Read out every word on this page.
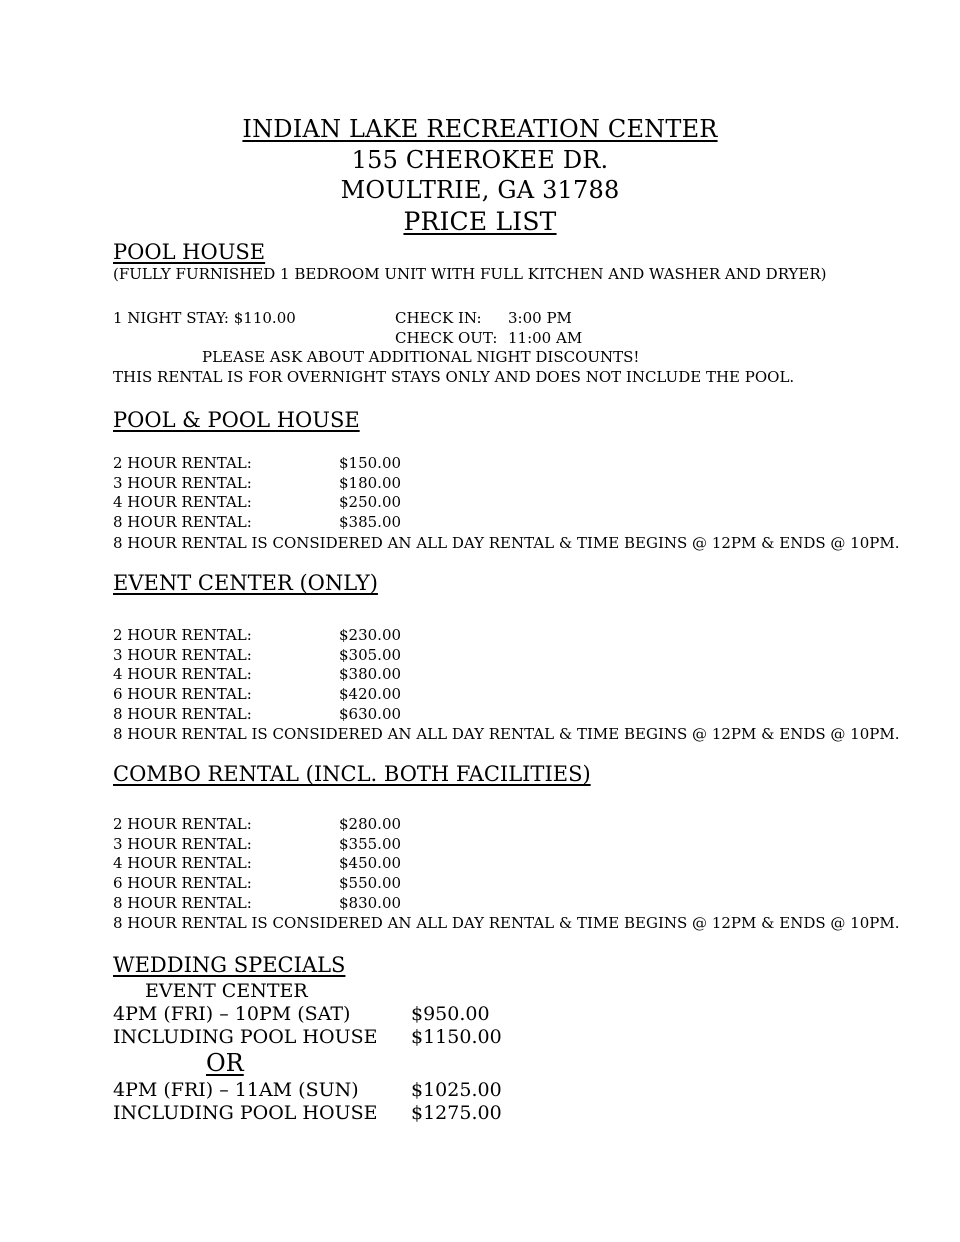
INDIAN LAKE RECREATION CENTER
155 CHEROKEE DR.
MOULTRIE, GA 31788
PRICE LIST
POOL HOUSE
(FULLY FURNISHED 1 BEDROOM UNIT WITH FULL KITCHEN AND WASHER AND DRYER)
1 NIGHT STAY: $110.00	CHECK IN: 3:00 PM
CHECK OUT: 11:00 AM
PLEASE ASK ABOUT ADDITIONAL NIGHT DISCOUNTS!
THIS RENTAL IS FOR OVERNIGHT STAYS ONLY AND DOES NOT INCLUDE THE POOL.
POOL & POOL HOUSE
2 HOUR RENTAL:	$150.00
3 HOUR RENTAL:	$180.00
4 HOUR RENTAL:	$250.00
8 HOUR RENTAL:	$385.00
8 HOUR RENTAL IS CONSIDERED AN ALL DAY RENTAL & TIME BEGINS @ 12PM & ENDS @ 10PM.
EVENT CENTER (ONLY)
2 HOUR RENTAL:	$230.00
3 HOUR RENTAL:	$305.00
4 HOUR RENTAL:	$380.00
6 HOUR RENTAL:	$420.00
8 HOUR RENTAL:	$630.00
8 HOUR RENTAL IS CONSIDERED AN ALL DAY RENTAL & TIME BEGINS @ 12PM & ENDS @ 10PM.
COMBO RENTAL (INCL. BOTH FACILITIES)
2 HOUR RENTAL:	$280.00
3 HOUR RENTAL:	$355.00
4 HOUR RENTAL:	$450.00
6 HOUR RENTAL:	$550.00
8 HOUR RENTAL:	$830.00
8 HOUR RENTAL IS CONSIDERED AN ALL DAY RENTAL & TIME BEGINS @ 12PM & ENDS @ 10PM.
WEDDING SPECIALS
EVENT CENTER
4PM (FRI) – 10PM (SAT)	$950.00
INCLUDING POOL HOUSE $1150.00
OR
4PM (FRI) – 11AM (SUN)	$1025.00
INCLUDING POOL HOUSE $1275.00
